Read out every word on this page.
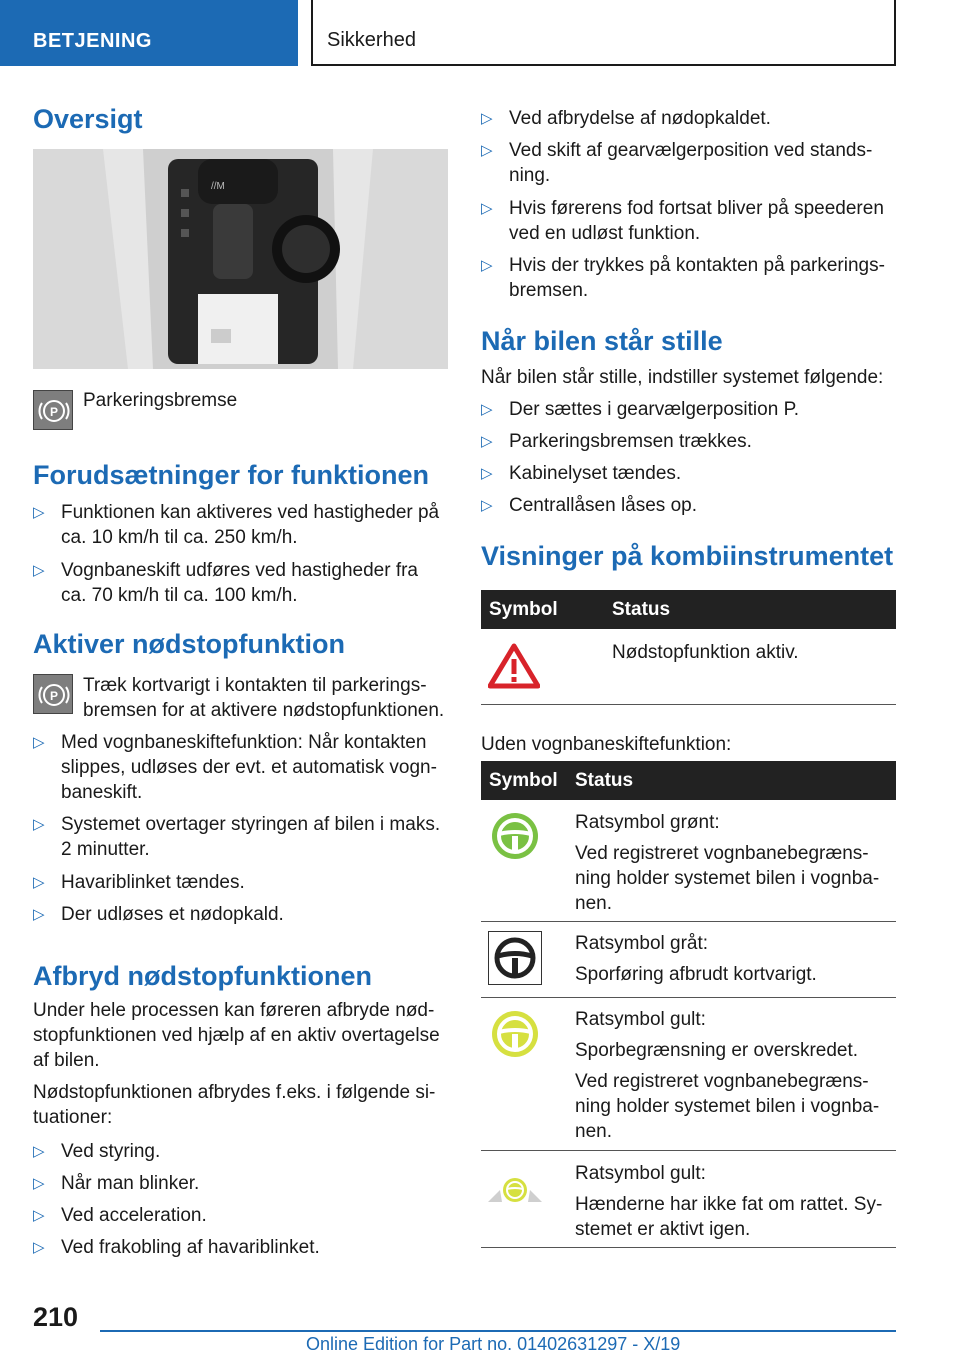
BETJENING	Sikkerhed
Oversigt
//M
P
Parkeringsbremse
Forudsætninger for funktionen
▷ Funktionen kan aktiveres ved hastigheder på
ca. 10 km/h til ca. 250 km/h.
▷ Vognbaneskift udføres ved hastigheder fra
ca. 70 km/h til ca. 100 km/h.
Aktiver nødstopfunktion
P Træk kortvarigt i kontakten til parkerings-
bremsen for at aktivere nødstopfunktionen.
▷ Med vognbaneskiftefunktion: Når kontakten
slippes, udløses der evt. et automatisk vogn-
baneskift.
▷ Systemet overtager styringen af bilen i maks.
2 minutter.
▷ Havariblinket tændes.
▷ Der udløses et nødopkald.
Afbryd nødstopfunktionen
Under hele processen kan føreren afbryde nød-
stopfunktionen ved hjælp af en aktiv overtagelse
af bilen.
Nødstopfunktionen afbrydes f.eks. i følgende si-
tuationer:
▷ Ved styring.
▷ Når man blinker.
▷ Ved acceleration.
▷ Ved frakobling af havariblinket.
▷ Ved afbrydelse af nødopkaldet.
▷ Ved skift af gearvælgerposition ved stands-
ning.
▷ Hvis førerens fod fortsat bliver på speederen
ved en udløst funktion.
▷ Hvis der trykkes på kontakten på parkerings-
bremsen.
Når bilen står stille
Når bilen står stille, indstiller systemet følgende:
▷ Der sættes i gearvælgerposition P.
▷ Parkeringsbremsen trækkes.
▷ Kabinelyset tændes.
▷ Centrallåsen låses op.
Visninger på kombiinstrumentet
Symbol	Status
Nødstopfunktion aktiv.
Uden vognbaneskiftefunktion:
Symbol Status
Ratsymbol grønt:
Ved registreret vognbanebegræns-
ning holder systemet bilen i vognba-
nen.
Ratsymbol gråt:
Sporføring afbrudt kortvarigt.
Ratsymbol gult:
Sporbegrænsning er overskredet.
Ved registreret vognbanebegræns-
ning holder systemet bilen i vognba-
nen.
Ratsymbol gult:
Hænderne har ikke fat om rattet. Sy-
stemet er aktivt igen.
210
Online Edition for Part no. 01402631297 - X/19
